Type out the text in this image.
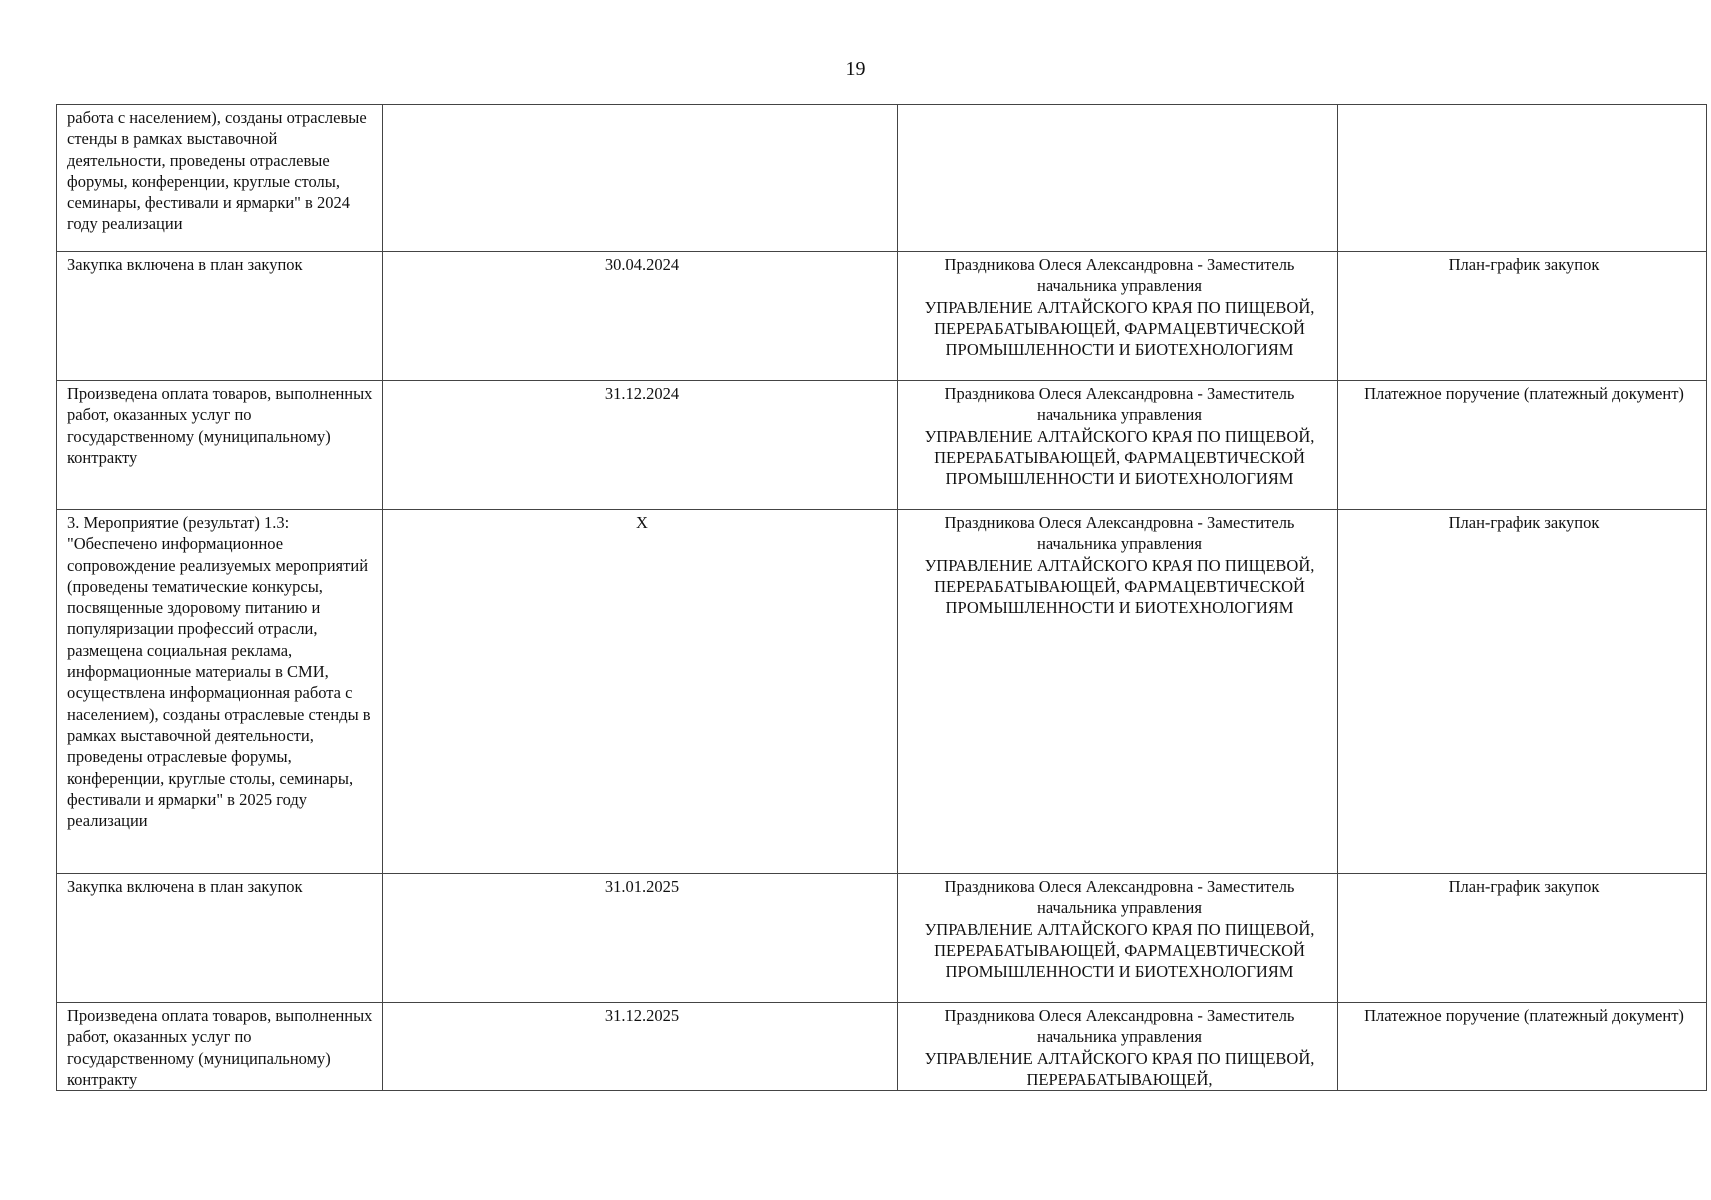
19
работа с населением), созданы отраслевые стенды в рамках выставочной деятельности, проведены отраслевые форумы, конференции, круглые столы, семинары, фестивали и ярмарки" в 2024 году реализации		

Закупка включена в план закупок	30.04.2024	Праздникова Олеся Александровна - Заместитель начальника управления
УПРАВЛЕНИЕ АЛТАЙСКОГО КРАЯ ПО ПИЩЕВОЙ, ПЕРЕРАБАТЫВАЮЩЕЙ, ФАРМАЦЕВТИЧЕСКОЙ ПРОМЫШЛЕННОСТИ И БИОТЕХНОЛОГИЯМ	План-график закупок
Произведена оплата товаров, выполненных работ, оказанных услуг по государственному (муниципальному) контракту	31.12.2024	Праздникова Олеся Александровна - Заместитель начальника управления
УПРАВЛЕНИЕ АЛТАЙСКОГО КРАЯ ПО ПИЩЕВОЙ, ПЕРЕРАБАТЫВАЮЩЕЙ, ФАРМАЦЕВТИЧЕСКОЙ ПРОМЫШЛЕННОСТИ И БИОТЕХНОЛОГИЯМ	Платежное поручение (платежный документ)
3. Мероприятие (результат) 1.3: "Обеспечено информационное сопровождение реализуемых мероприятий (проведены тематические конкурсы, посвященные здоровому питанию и популяризации профессий отрасли, размещена социальная реклама, информационные материалы в СМИ, осуществлена информационная работа с населением), созданы отраслевые стенды в рамках выставочной деятельности, проведены отраслевые форумы, конференции, круглые столы, семинары, фестивали и ярмарки" в 2025 году реализации	X	Праздникова Олеся Александровна - Заместитель начальника управления
УПРАВЛЕНИЕ АЛТАЙСКОГО КРАЯ ПО ПИЩЕВОЙ, ПЕРЕРАБАТЫВАЮЩЕЙ, ФАРМАЦЕВТИЧЕСКОЙ ПРОМЫШЛЕННОСТИ И БИОТЕХНОЛОГИЯМ	План-график закупок
Закупка включена в план закупок	31.01.2025	Праздникова Олеся Александровна - Заместитель начальника управления
УПРАВЛЕНИЕ АЛТАЙСКОГО КРАЯ ПО ПИЩЕВОЙ, ПЕРЕРАБАТЫВАЮЩЕЙ, ФАРМАЦЕВТИЧЕСКОЙ ПРОМЫШЛЕННОСТИ И БИОТЕХНОЛОГИЯМ	План-график закупок
Произведена оплата товаров, выполненных работ, оказанных услуг по государственному (муниципальному) контракту	31.12.2025	Праздникова Олеся Александровна - Заместитель начальника управления
УПРАВЛЕНИЕ АЛТАЙСКОГО КРАЯ ПО ПИЩЕВОЙ, ПЕРЕРАБАТЫВАЮЩЕЙ,	Платежное поручение (платежный документ)
